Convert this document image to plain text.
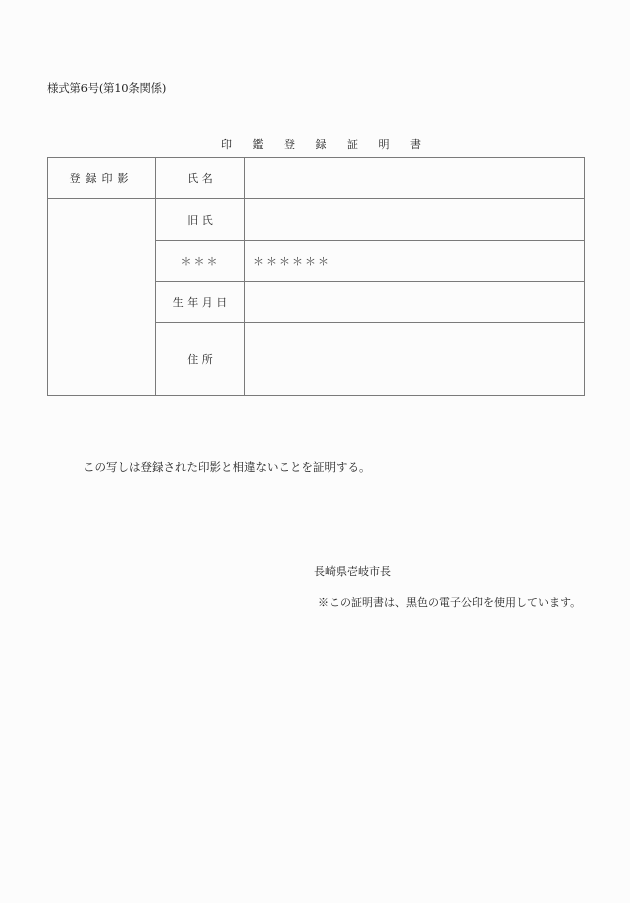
様式第6号(第10条関係)
印 鑑 登 録 証 明 書
登録印影	氏 名	
	旧 氏	
	＊＊＊	＊＊＊＊＊＊
	生 年 月 日	
	住 所	
この写しは登録された印影と相違ないことを証明する。
長崎県壱岐市長
※この証明書は、黒色の電子公印を使用しています。
